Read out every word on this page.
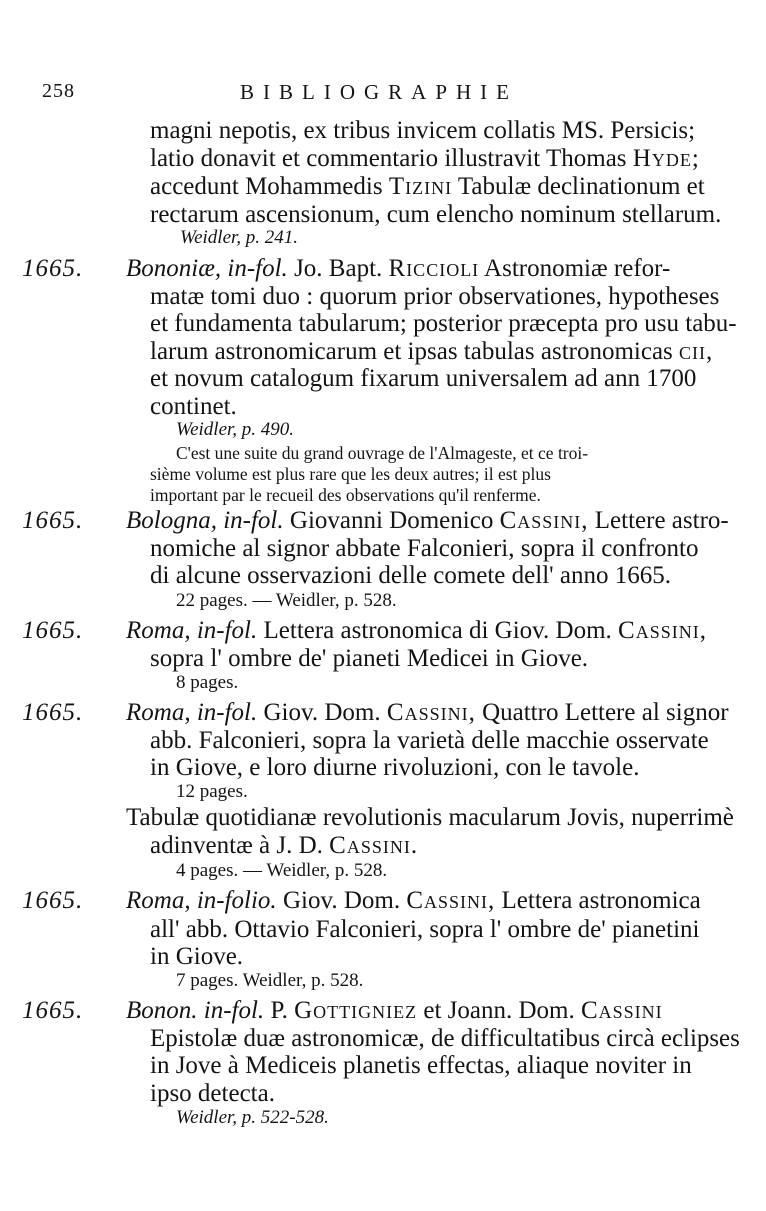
258	BIBLIOGRAPHIE
magni nepotis, ex tribus invicem collatis MS. Persicis;
latio donavit et commentario illustravit Thomas Hyde;
accedunt Mohammedis Tizini Tabulæ declinationum et
rectarum ascensionum, cum elencho nominum stellarum.
Weidler, p. 241.
1665. Bononiæ, in-fol. Jo. Bapt. Riccioli Astronomiæ refor-
matæ tomi duo : quorum prior observationes, hypotheses
et fundamenta tabularum; posterior præcepta pro usu tabu-
larum astronomicarum et ipsas tabulas astronomicas cii,
et novum catalogum fixarum universalem ad ann 1700
continet.
Weidler, p. 490.
C'est une suite du grand ouvrage de l'Almageste, et ce troi-
sième volume est plus rare que les deux autres; il est plus
important par le recueil des observations qu'il renferme.
1665. Bologna, in-fol. Giovanni Domenico Cassini, Lettere astro-
nomiche al signor abbate Falconieri, sopra il confronto
di alcune osservazioni delle comete dell' anno 1665.
22 pages. — Weidler, p. 528.
1665. Roma, in-fol. Lettera astronomica di Giov. Dom. Cassini,
sopra l' ombre de' pianeti Medicei in Giove.
8 pages.
1665. Roma, in-fol. Giov. Dom. Cassini, Quattro Lettere al signor
abb. Falconieri, sopra la varietà delle macchie osservate
in Giove, e loro diurne rivoluzioni, con le tavole.
12 pages.
Tabulæ quotidianæ revolutionis macularum Jovis, nuperrimè
adinventæ à J. D. Cassini.
4 pages. — Weidler, p. 528.
1665. Roma, in-folio. Giov. Dom. Cassini, Lettera astronomica
all' abb. Ottavio Falconieri, sopra l' ombre de' pianetini
in Giove.
7 pages. Weidler, p. 528.
1665. Bonon. in-fol. P. Gottigniez et Joann. Dom. Cassini
Epistolæ duæ astronomicæ, de difficultatibus circà eclipses
in Jove à Mediceis planetis effectas, aliaque noviter in
ipso detecta.
Weidler, p. 522-528.
